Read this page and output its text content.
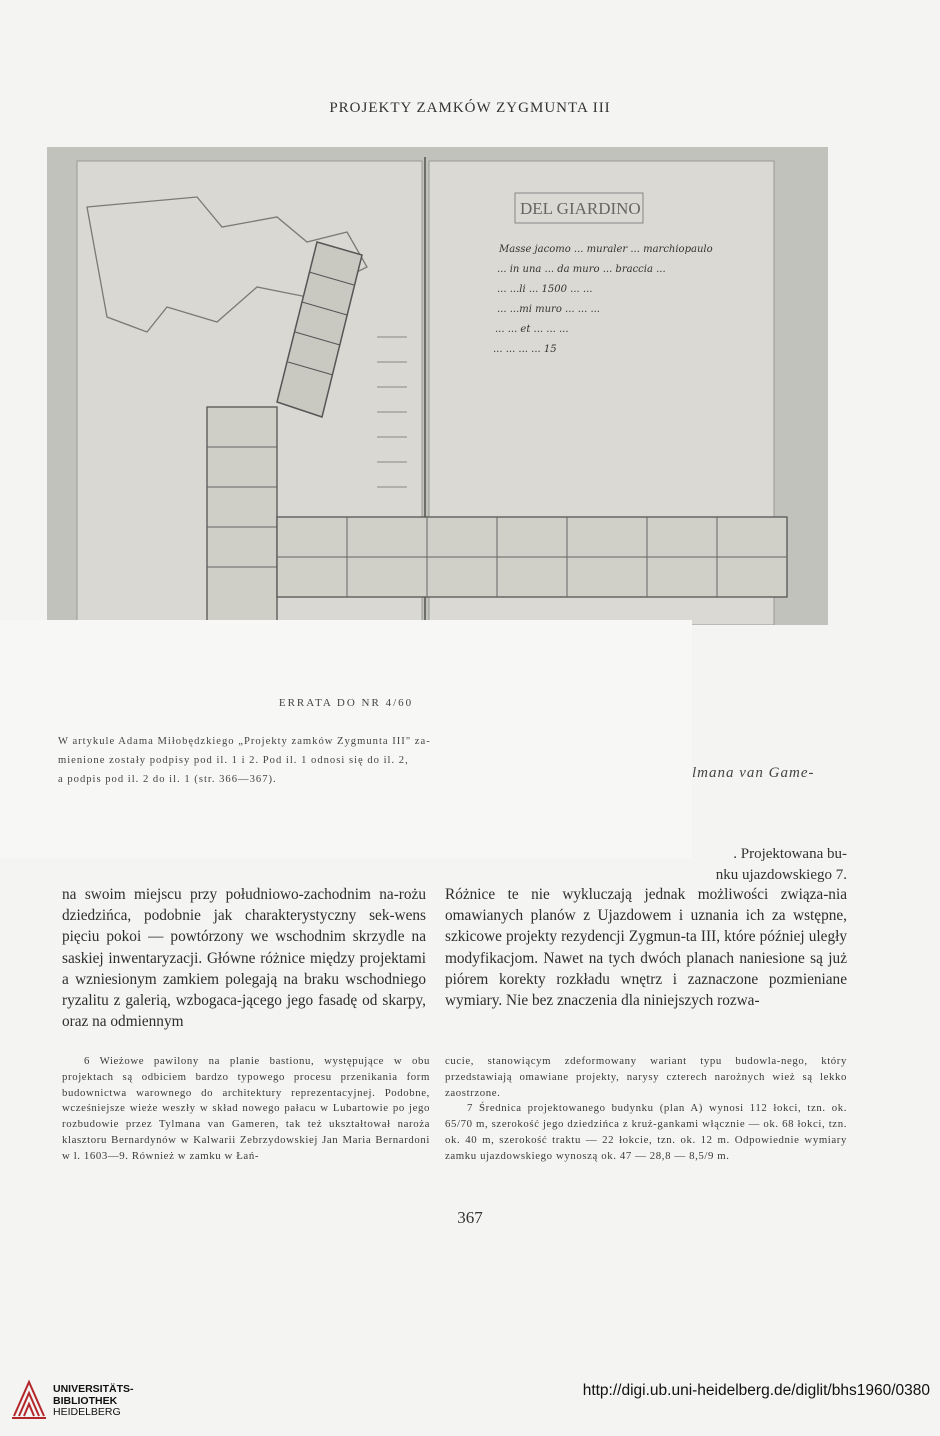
PROJEKTY ZAMKÓW ZYGMUNTA III
DEL GIARDINO
Masse jacomo ... muraler ... marchiopaulo
... in una ... da muro ... braccia ...
... ...li ... 1500 ... ...
... ...mi muro ... ... ...
... ... et ... ... ...
... ... ... ... 15
ERRATA DO NR 4/60
W artykule Adama Miłobędzkiego „Projekty zamków Zygmunta III" za-
mienione zostały podpisy pod il. 1 i 2. Pod il. 1 odnosi się do il. 2,
a podpis pod il. 2 do il. 1 (str. 366—367).	lmana van Game-
. Projektowana bu-
nku ujazdowskiego 7.
na swoim miejscu przy południowo-zachodnim na-rożu dziedzińca, podobnie jak charakterystyczny sek-wens pięciu pokoi — powtórzony we wschodnim skrzydle na saskiej inwentaryzacji. Główne różnice między projektami a wzniesionym zamkiem polegają na braku wschodniego ryzalitu z galerią, wzbogaca-jącego jego fasadę od skarpy, oraz na odmiennym
Różnice te nie wykluczają jednak możliwości związa-nia omawianych planów z Ujazdowem i uznania ich za wstępne, szkicowe projekty rezydencji Zygmun-ta III, które później uległy modyfikacjom. Nawet na tych dwóch planach naniesione są już piórem korekty rozkładu wnętrz i zaznaczone pozmieniane wymiary. Nie bez znaczenia dla niniejszych rozwa-

6 Wieżowe pawilony na planie bastionu, występujące w obu projektach są odbiciem bardzo typowego procesu przenikania form budownictwa warownego do architektury reprezentacyjnej. Podobne, wcześniejsze wieże weszły w skład nowego pałacu w Lubartowie po jego rozbudowie przez Tylmana van Gameren, tak też ukształtował naroża klasztoru Bernardynów w Kalwarii Zebrzydowskiej Jan Maria Bernardoni w l. 1603—9. Również w zamku w Łań-

cucie, stanowiącym zdeformowany wariant typu budowla-nego, który przedstawiają omawiane projekty, narysy czterech narożnych wież są lekko zaostrzone.

7 Średnica projektowanego budynku (plan A) wynosi 112 łokci, tzn. ok. 65/70 m, szerokość jego dziedzińca z kruż-gankami włącznie — ok. 68 łokci, tzn. ok. 40 m, szerokość traktu — 22 łokcie, tzn. ok. 12 m. Odpowiednie wymiary zamku ujazdowskiego wynoszą ok. 47 — 28,8 — 8,5/9 m.

367
UNIVERSITÄTS-
BIBLIOTHEK
HEIDELBERG
http://digi.ub.uni-heidelberg.de/diglit/bhs1960/0380
